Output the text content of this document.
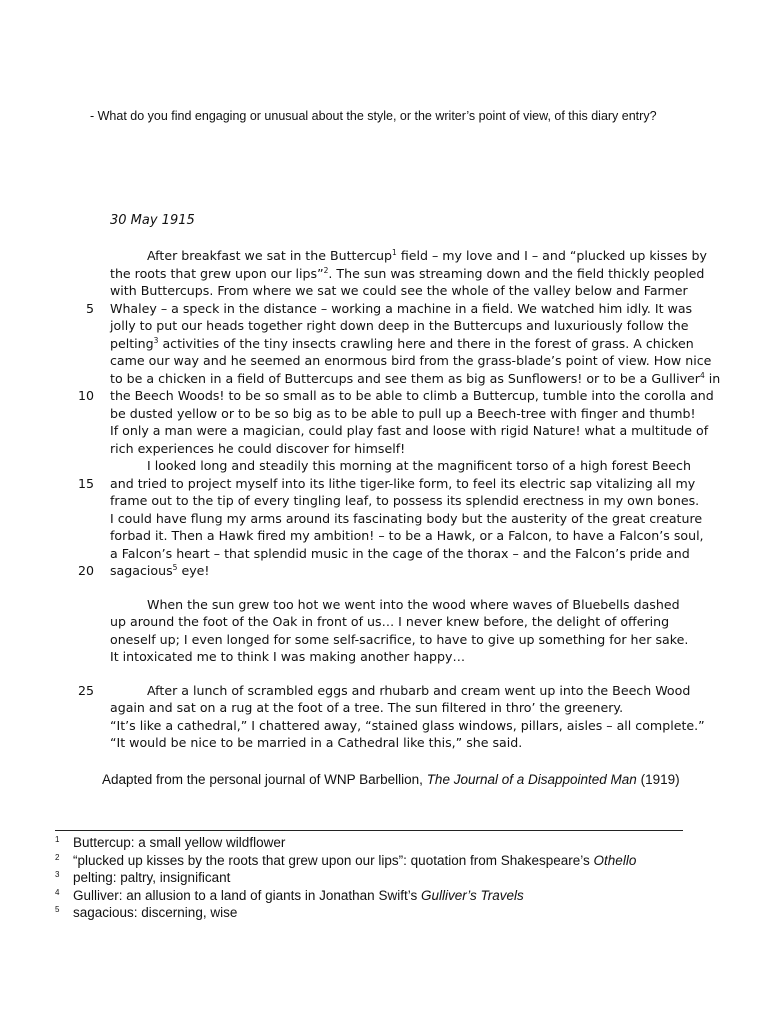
- What do you find engaging or unusual about the style, or the writer’s point of view, of this diary entry?
30 May 1915
After breakfast we sat in the Buttercup$^1$ field – my love and I – and “plucked up kisses by
the roots that grew upon our lips”$^2$. The sun was streaming down and the field thickly peopled
with Buttercups. From where we sat we could see the whole of the valley below and Farmer
Whaley – a speck in the distance – working a machine in a field. We watched him idly. It was
5
jolly to put our heads together right down deep in the Buttercups and luxuriously follow the
pelting$^3$ activities of the tiny insects crawling here and there in the forest of grass. A chicken
came our way and he seemed an enormous bird from the grass-blade’s point of view. How nice
to be a chicken in a field of Buttercups and see them as big as Sunflowers! or to be a Gulliver$^4$ in
the Beech Woods! to be so small as to be able to climb a Buttercup, tumble into the corolla and
10
be dusted yellow or to be so big as to be able to pull up a Beech-tree with finger and thumb!
If only a man were a magician, could play fast and loose with rigid Nature! what a multitude of
rich experiences he could discover for himself!
I looked long and steadily this morning at the magnificent torso of a high forest Beech
and tried to project myself into its lithe tiger-like form, to feel its electric sap vitalizing all my
15
frame out to the tip of every tingling leaf, to possess its splendid erectness in my own bones.
I could have flung my arms around its fascinating body but the austerity of the great creature
forbad it. Then a Hawk fired my ambition! – to be a Hawk, or a Falcon, to have a Falcon’s soul,
a Falcon’s heart – that splendid music in the cage of the thorax – and the Falcon’s pride and
sagacious$^5$ eye!
20
When the sun grew too hot we went into the wood where waves of Bluebells dashed
up around the foot of the Oak in front of us… I never knew before, the delight of offering
oneself up; I even longed for some self-sacrifice, to have to give up something for her sake.
It intoxicated me to think I was making another happy…
After a lunch of scrambled eggs and rhubarb and cream went up into the Beech Wood
25
again and sat on a rug at the foot of a tree. The sun filtered in thro’ the greenery.
“It’s like a cathedral,” I chattered away, “stained glass windows, pillars, aisles – all complete.”
“It would be nice to be married in a Cathedral like this,” she said.
Adapted from the personal journal of WNP Barbellion, The Journal of a Disappointed Man (1919)
1 Buttercup: a small yellow wildflower
2 “plucked up kisses by the roots that grew upon our lips”: quotation from Shakespeare’s Othello
3 pelting: paltry, insignificant
4 Gulliver: an allusion to a land of giants in Jonathan Swift’s Gulliver’s Travels
5 sagacious: discerning, wise
